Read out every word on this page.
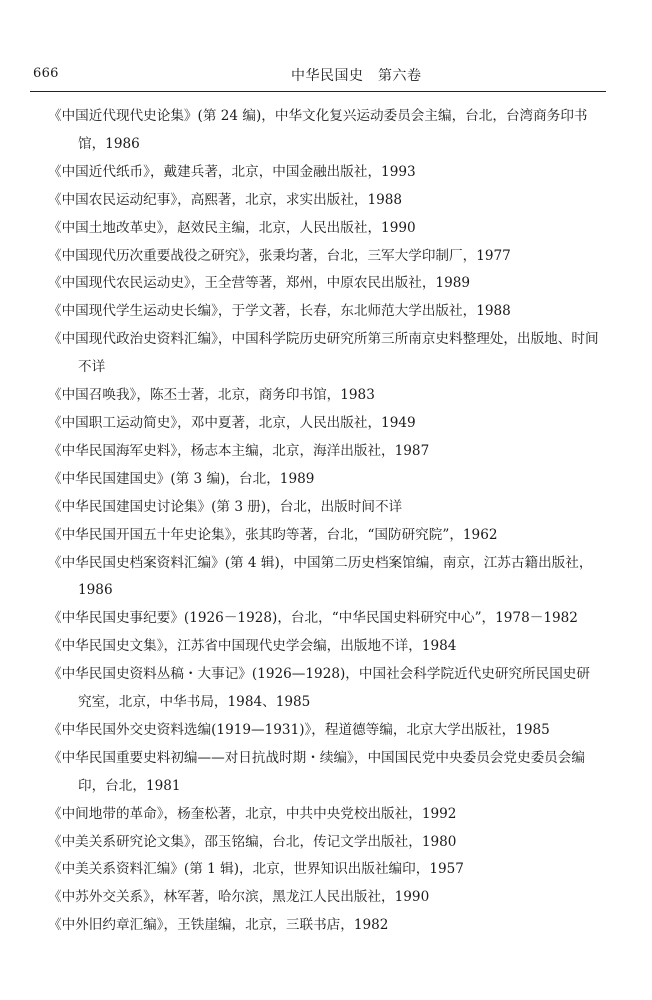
666	中华民国史　第六卷

《中国近代现代史论集》(第 24 编)，中华文化复兴运动委员会主编，台北，台湾商务印书馆，1986

《中国近代纸币》，戴建兵著，北京，中国金融出版社，1993

《中国农民运动纪事》，高熙著，北京，求实出版社，1988

《中国土地改革史》，赵效民主编，北京，人民出版社，1990

《中国现代历次重要战役之研究》，张秉均著，台北，三军大学印制厂，1977

《中国现代农民运动史》，王全营等著，郑州，中原农民出版社，1989

《中国现代学生运动史长编》，于学文著，长春，东北师范大学出版社，1988

《中国现代政治史资料汇编》，中国科学院历史研究所第三所南京史料整理处，出版地、时间不详

《中国召唤我》，陈丕士著，北京，商务印书馆，1983

《中国职工运动简史》，邓中夏著，北京，人民出版社，1949

《中华民国海军史料》，杨志本主编，北京，海洋出版社，1987

《中华民国建国史》(第 3 编)，台北，1989

《中华民国建国史讨论集》(第 3 册)，台北，出版时间不详

《中华民国开国五十年史论集》，张其昀等著，台北，“国防研究院”，1962

《中华民国史档案资料汇编》(第 4 辑)，中国第二历史档案馆编，南京，江苏古籍出版社，1986

《中华民国史事纪要》(1926－1928)，台北，“中华民国史料研究中心”，1978－1982

《中华民国史文集》，江苏省中国现代史学会编，出版地不详，1984

《中华民国史资料丛稿・大事记》(1926—1928)，中国社会科学院近代史研究所民国史研究室，北京，中华书局，1984、1985

《中华民国外交史资料选编(1919—1931)》，程道德等编，北京大学出版社，1985

《中华民国重要史料初编——对日抗战时期・续编》，中国国民党中央委员会党史委员会编印，台北，1981

《中间地带的革命》，杨奎松著，北京，中共中央党校出版社，1992

《中美关系研究论文集》，邵玉铭编，台北，传记文学出版社，1980

《中美关系资料汇编》(第 1 辑)，北京，世界知识出版社编印，1957

《中苏外交关系》，林军著，哈尔滨，黑龙江人民出版社，1990

《中外旧约章汇编》，王铁崖编，北京，三联书店，1982
